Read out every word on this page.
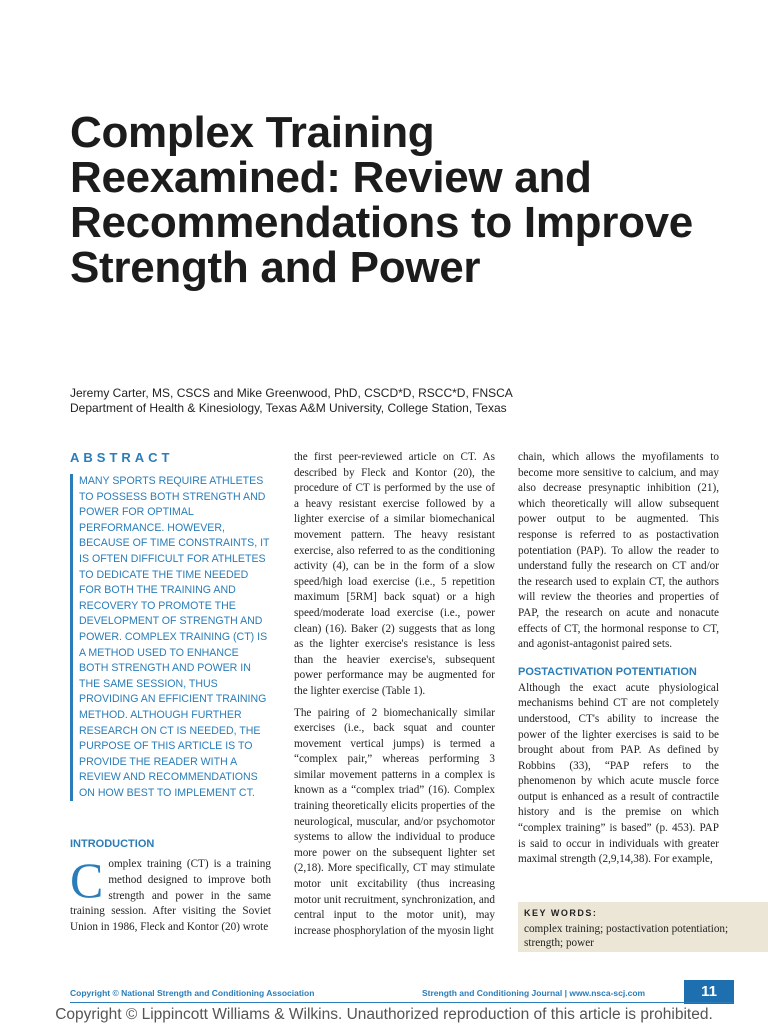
Complex Training Reexamined: Review and Recommendations to Improve Strength and Power
Jeremy Carter, MS, CSCS and Mike Greenwood, PhD, CSCD*D, RSCC*D, FNSCA
Department of Health & Kinesiology, Texas A&M University, College Station, Texas
ABSTRACT
MANY SPORTS REQUIRE ATHLETES TO POSSESS BOTH STRENGTH AND POWER FOR OPTIMAL PERFORMANCE. HOWEVER, BECAUSE OF TIME CONSTRAINTS, IT IS OFTEN DIFFICULT FOR ATHLETES TO DEDICATE THE TIME NEEDED FOR BOTH THE TRAINING AND RECOVERY TO PROMOTE THE DEVELOPMENT OF STRENGTH AND POWER. COMPLEX TRAINING (CT) IS A METHOD USED TO ENHANCE BOTH STRENGTH AND POWER IN THE SAME SESSION, THUS PROVIDING AN EFFICIENT TRAINING METHOD. ALTHOUGH FURTHER RESEARCH ON CT IS NEEDED, THE PURPOSE OF THIS ARTICLE IS TO PROVIDE THE READER WITH A REVIEW AND RECOMMENDATIONS ON HOW BEST TO IMPLEMENT CT.
INTRODUCTION

Complex training (CT) is a training method designed to improve both strength and power in the same training session. After visiting the Soviet Union in 1986, Fleck and Kontor (20) wrote

the first peer-reviewed article on CT. As described by Fleck and Kontor (20), the procedure of CT is performed by the use of a heavy resistant exercise followed by a lighter exercise of a similar biomechanical movement pattern. The heavy resistant exercise, also referred to as the conditioning activity (4), can be in the form of a slow speed/high load exercise (i.e., 5 repetition maximum [5RM] back squat) or a high speed/moderate load exercise (i.e., power clean) (16). Baker (2) suggests that as long as the lighter exercise's resistance is less than the heavier exercise's, subsequent power performance may be augmented for the lighter exercise (Table 1).

The pairing of 2 biomechanically similar exercises (i.e., back squat and counter movement vertical jumps) is termed a “complex pair,” whereas performing 3 similar movement patterns in a complex is known as a “complex triad” (16). Complex training theoretically elicits properties of the neurological, muscular, and/or psychomotor systems to allow the individual to produce more power on the subsequent lighter set (2,18). More specifically, CT may stimulate motor unit excitability (thus increasing motor unit recruitment, synchronization, and central input to the motor unit), may increase phosphorylation of the myosin light

chain, which allows the myofilaments to become more sensitive to calcium, and may also decrease presynaptic inhibition (21), which theoretically will allow subsequent power output to be augmented. This response is referred to as postactivation potentiation (PAP). To allow the reader to understand fully the research on CT and/or the research used to explain CT, the authors will review the theories and properties of PAP, the research on acute and nonacute effects of CT, the hormonal response to CT, and agonist-antagonist paired sets.

POSTACTIVATION POTENTIATION

Although the exact acute physiological mechanisms behind CT are not completely understood, CT's ability to increase the power of the lighter exercises is said to be brought about from PAP. As defined by Robbins (33), “PAP refers to the phenomenon by which acute muscle force output is enhanced as a result of contractile history and is the premise on which “complex training” is based” (p. 453). PAP is said to occur in individuals with greater maximal strength (2,9,14,38). For example,

KEY WORDS:
complex training; postactivation potentiation; strength; power
Copyright © National Strength and Conditioning Association	Strength and Conditioning Journal | www.nsca-scj.com	11
Copyright © Lippincott Williams & Wilkins. Unauthorized reproduction of this article is prohibited.
